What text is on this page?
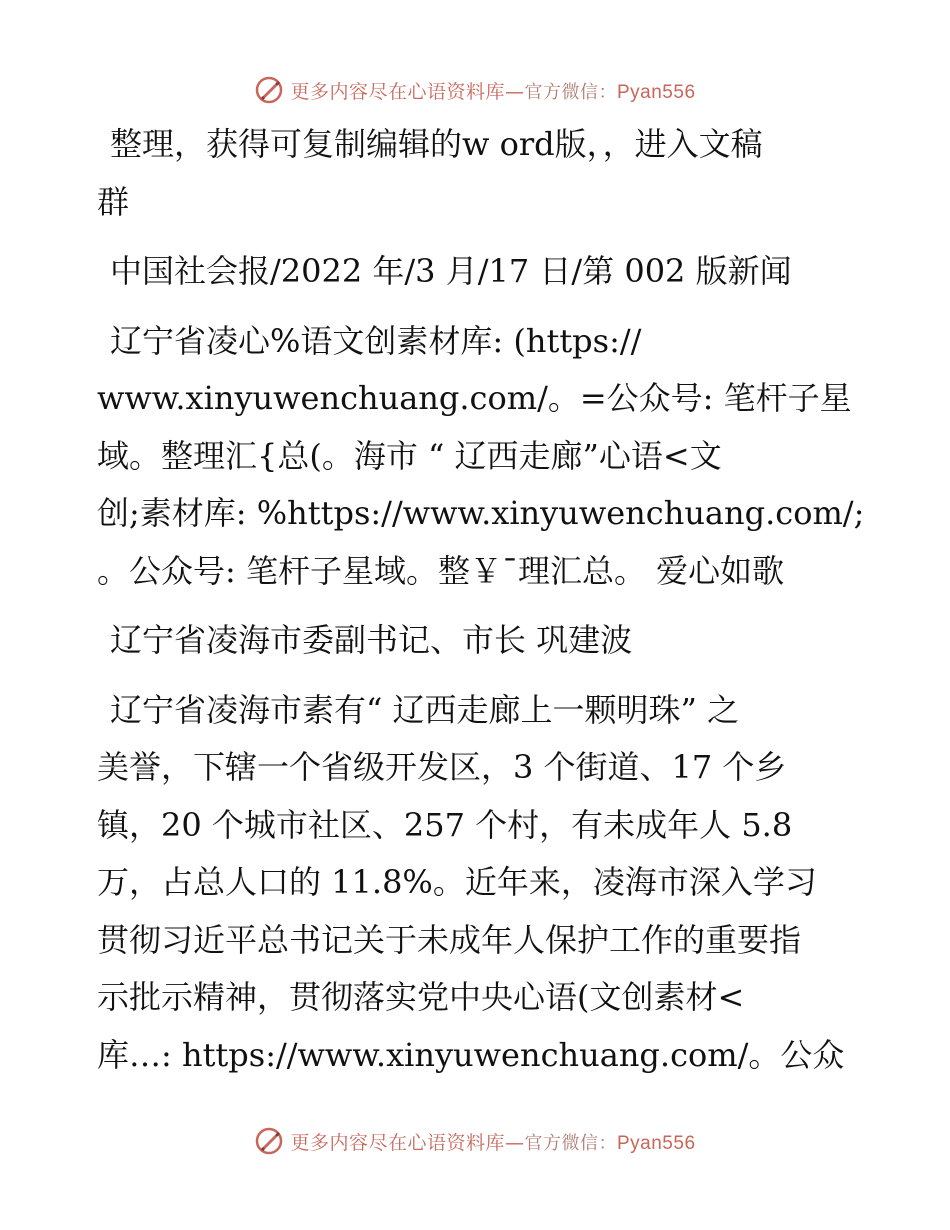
更多内容尽在心语资料库—官方微信：Pyan556

整理，获得可复制编辑的w ord版，，进入文稿
群

中国社会报/2022 年/3 月/17 日/第 002 版新闻

辽宁省凌心%语文创素材库: (https://
www.xinyuwenchuang.com/。=公众号: 笔杆子星
域。整理汇{总(。海市 “ 辽西走廊”心语<文
创;素材库: %https://www.xinyuwenchuang.com/;
。公众号: 笔杆子星域。整￥¯理汇总。 爱心如歌

辽宁省凌海市委副书记、市长 巩建波

辽宁省凌海市素有“ 辽西走廊上一颗明珠” 之
美誉，下辖一个省级开发区，3 个街道、17 个乡
镇，20 个城市社区、257 个村，有未成年人 5.8
万，占总人口的 11.8%。近年来，凌海市深入学习
贯彻习近平总书记关于未成年人保护工作的重要指
示批示精神，贯彻落实党中央心语(文创素材<
库…: https://www.xinyuwenchuang.com/。公众

更多内容尽在心语资料库—官方微信：Pyan556
